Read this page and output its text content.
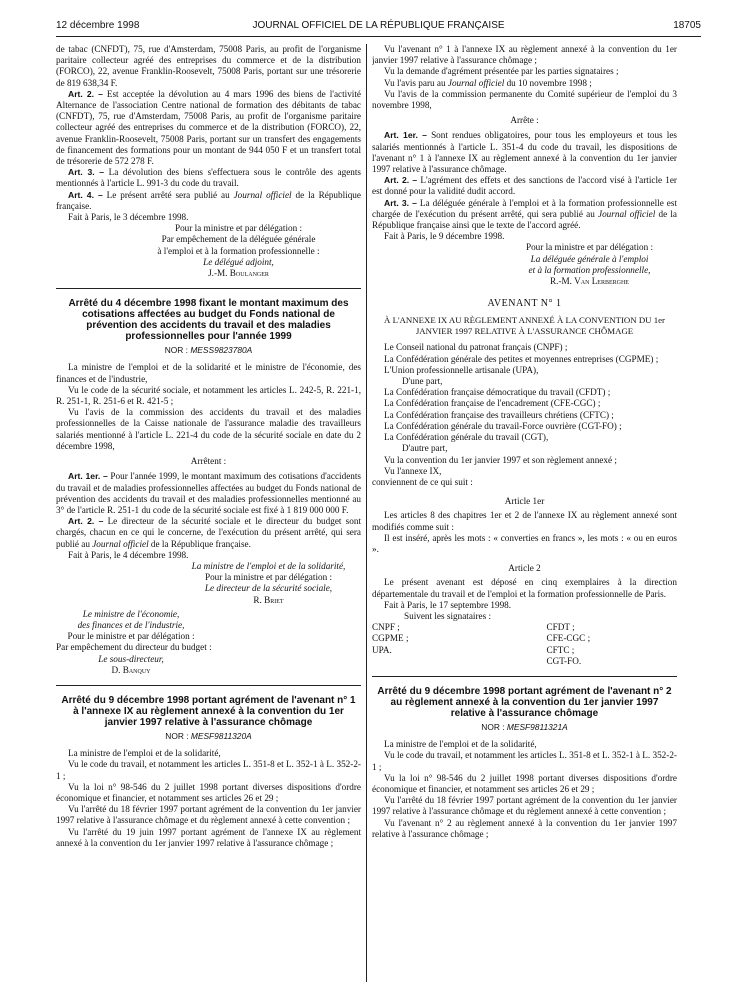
12 décembre 1998	JOURNAL OFFICIEL DE LA RÉPUBLIQUE FRANÇAISE	18705

de tabac (CNFDT), 75, rue d'Amsterdam, 75008 Paris, au profit de l'organisme paritaire collecteur agréé des entreprises du commerce et de la distribution (FORCO), 22, avenue Franklin-Roosevelt, 75008 Paris, portant sur une trésorerie de 819 638,34 F.

Art. 2. – Est acceptée la dévolution au 4 mars 1996 des biens de l'activité Alternance de l'association Centre national de formation des débitants de tabac (CNFDT), 75, rue d'Amsterdam, 75008 Paris, au profit de l'organisme paritaire collecteur agréé des entreprises du commerce et de la distribution (FORCO), 22, avenue Franklin-Roosevelt, 75008 Paris, portant sur un transfert des engagements de financement des formations pour un montant de 944 050 F et un transfert total de trésorerie de 572 278 F.

Art. 3. – La dévolution des biens s'effectuera sous le contrôle des agents mentionnés à l'article L. 991-3 du code du travail.

Art. 4. – Le présent arrêté sera publié au Journal officiel de la République française.

Fait à Paris, le 3 décembre 1998.

Pour la ministre et par délégation :
Par empêchement de la déléguée générale
à l'emploi et à la formation professionnelle :
Le délégué adjoint,
J.-M. Boulanger
Arrêté du 4 décembre 1998 fixant le montant maximum des cotisations affectées au budget du Fonds national de prévention des accidents du travail et des maladies professionnelles pour l'année 1999
NOR : MESS9823780A

La ministre de l'emploi et de la solidarité et le ministre de l'économie, des finances et de l'industrie,

Vu le code de la sécurité sociale, et notamment les articles L. 242-5, R. 221-1, R. 251-1, R. 251-6 et R. 421-5 ;

Vu l'avis de la commission des accidents du travail et des maladies professionnelles de la Caisse nationale de l'assurance maladie des travailleurs salariés mentionné à l'article L. 221-4 du code de la sécurité sociale en date du 2 décembre 1998,

Arrêtent :

Art. 1er. – Pour l'année 1999, le montant maximum des cotisations d'accidents du travail et de maladies professionnelles affectées au budget du Fonds national de prévention des accidents du travail et des maladies professionnelles mentionné au 3° de l'article R. 251-1 du code de la sécurité sociale est fixé à 1 819 000 000 F.

Art. 2. – Le directeur de la sécurité sociale et le directeur du budget sont chargés, chacun en ce qui le concerne, de l'exécution du présent arrêté, qui sera publié au Journal officiel de la République française.

Fait à Paris, le 4 décembre 1998.

La ministre de l'emploi et de la solidarité,
Pour la ministre et par délégation :
Le directeur de la sécurité sociale,
R. Briet
Le ministre de l'économie,
des finances et de l'industrie,
Pour le ministre et par délégation :
Par empêchement du directeur du budget :
Le sous-directeur,
D. Banquy
Arrêté du 9 décembre 1998 portant agrément de l'avenant n° 1 à l'annexe IX au règlement annexé à la convention du 1er janvier 1997 relative à l'assurance chômage
NOR : MESF9811320A

La ministre de l'emploi et de la solidarité,

Vu le code du travail, et notamment les articles L. 351-8 et L. 352-1 à L. 352-2-1 ;

Vu la loi n° 98-546 du 2 juillet 1998 portant diverses dispositions d'ordre économique et financier, et notamment ses articles 26 et 29 ;

Vu l'arrêté du 18 février 1997 portant agrément de la convention du 1er janvier 1997 relative à l'assurance chômage et du règlement annexé à cette convention ;

Vu l'arrêté du 19 juin 1997 portant agrément de l'annexe IX au règlement annexé à la convention du 1er janvier 1997 relative à l'assurance chômage ;

Vu l'avenant n° 1 à l'annexe IX au règlement annexé à la convention du 1er janvier 1997 relative à l'assurance chômage ;

Vu la demande d'agrément présentée par les parties signataires ;

Vu l'avis paru au Journal officiel du 10 novembre 1998 ;

Vu l'avis de la commission permanente du Comité supérieur de l'emploi du 3 novembre 1998,

Arrête :

Art. 1er. – Sont rendues obligatoires, pour tous les employeurs et tous les salariés mentionnés à l'article L. 351-4 du code du travail, les dispositions de l'avenant n° 1 à l'annexe IX au règlement annexé à la convention du 1er janvier 1997 relative à l'assurance chômage.

Art. 2. – L'agrément des effets et des sanctions de l'accord visé à l'article 1er est donné pour la validité dudit accord.

Art. 3. – La déléguée générale à l'emploi et à la formation professionnelle est chargée de l'exécution du présent arrêté, qui sera publié au Journal officiel de la République française ainsi que le texte de l'accord agréé.

Fait à Paris, le 9 décembre 1998.

Pour la ministre et par délégation :
La déléguée générale à l'emploi
et à la formation professionnelle,
R.-M. Van Lerberghe
AVENANT N° 1
À L'ANNEXE IX AU RÈGLEMENT ANNEXÉ À LA CONVENTION DU 1er JANVIER 1997 RELATIVE À L'ASSURANCE CHÔMAGE

Le Conseil national du patronat français (CNPF) ;

La Confédération générale des petites et moyennes entreprises (CGPME) ;

L'Union professionnelle artisanale (UPA),

D'une part,

La Confédération française démocratique du travail (CFDT) ;

La Confédération française de l'encadrement (CFE-CGC) ;

La Confédération française des travailleurs chrétiens (CFTC) ;

La Confédération générale du travail-Force ouvrière (CGT-FO) ;

La Confédération générale du travail (CGT),

D'autre part,

Vu la convention du 1er janvier 1997 et son règlement annexé ;

Vu l'annexe IX,

conviennent de ce qui suit :

Article 1er

Les articles 8 des chapitres 1er et 2 de l'annexe IX au règlement annexé sont modifiés comme suit :

Il est inséré, après les mots : « converties en francs », les mots : « ou en euros ».

Article 2

Le présent avenant est déposé en cinq exemplaires à la direction départementale du travail et de l'emploi et la formation professionnelle de Paris.

Fait à Paris, le 17 septembre 1998.

Suivent les signataires :

CNPF ;	CFDT ;
CGPME ;	CFE-CGC ;
UPA.	CFTC ;
	CGT-FO.
Arrêté du 9 décembre 1998 portant agrément de l'avenant n° 2 au règlement annexé à la convention du 1er janvier 1997 relative à l'assurance chômage
NOR : MESF9811321A

La ministre de l'emploi et de la solidarité,

Vu le code du travail, et notamment les articles L. 351-8 et L. 352-1 à L. 352-2-1 ;

Vu la loi n° 98-546 du 2 juillet 1998 portant diverses dispositions d'ordre économique et financier, et notamment ses articles 26 et 29 ;

Vu l'arrêté du 18 février 1997 portant agrément de la convention du 1er janvier 1997 relative à l'assurance chômage et du règlement annexé à cette convention ;

Vu l'avenant n° 2 au règlement annexé à la convention du 1er janvier 1997 relative à l'assurance chômage ;
